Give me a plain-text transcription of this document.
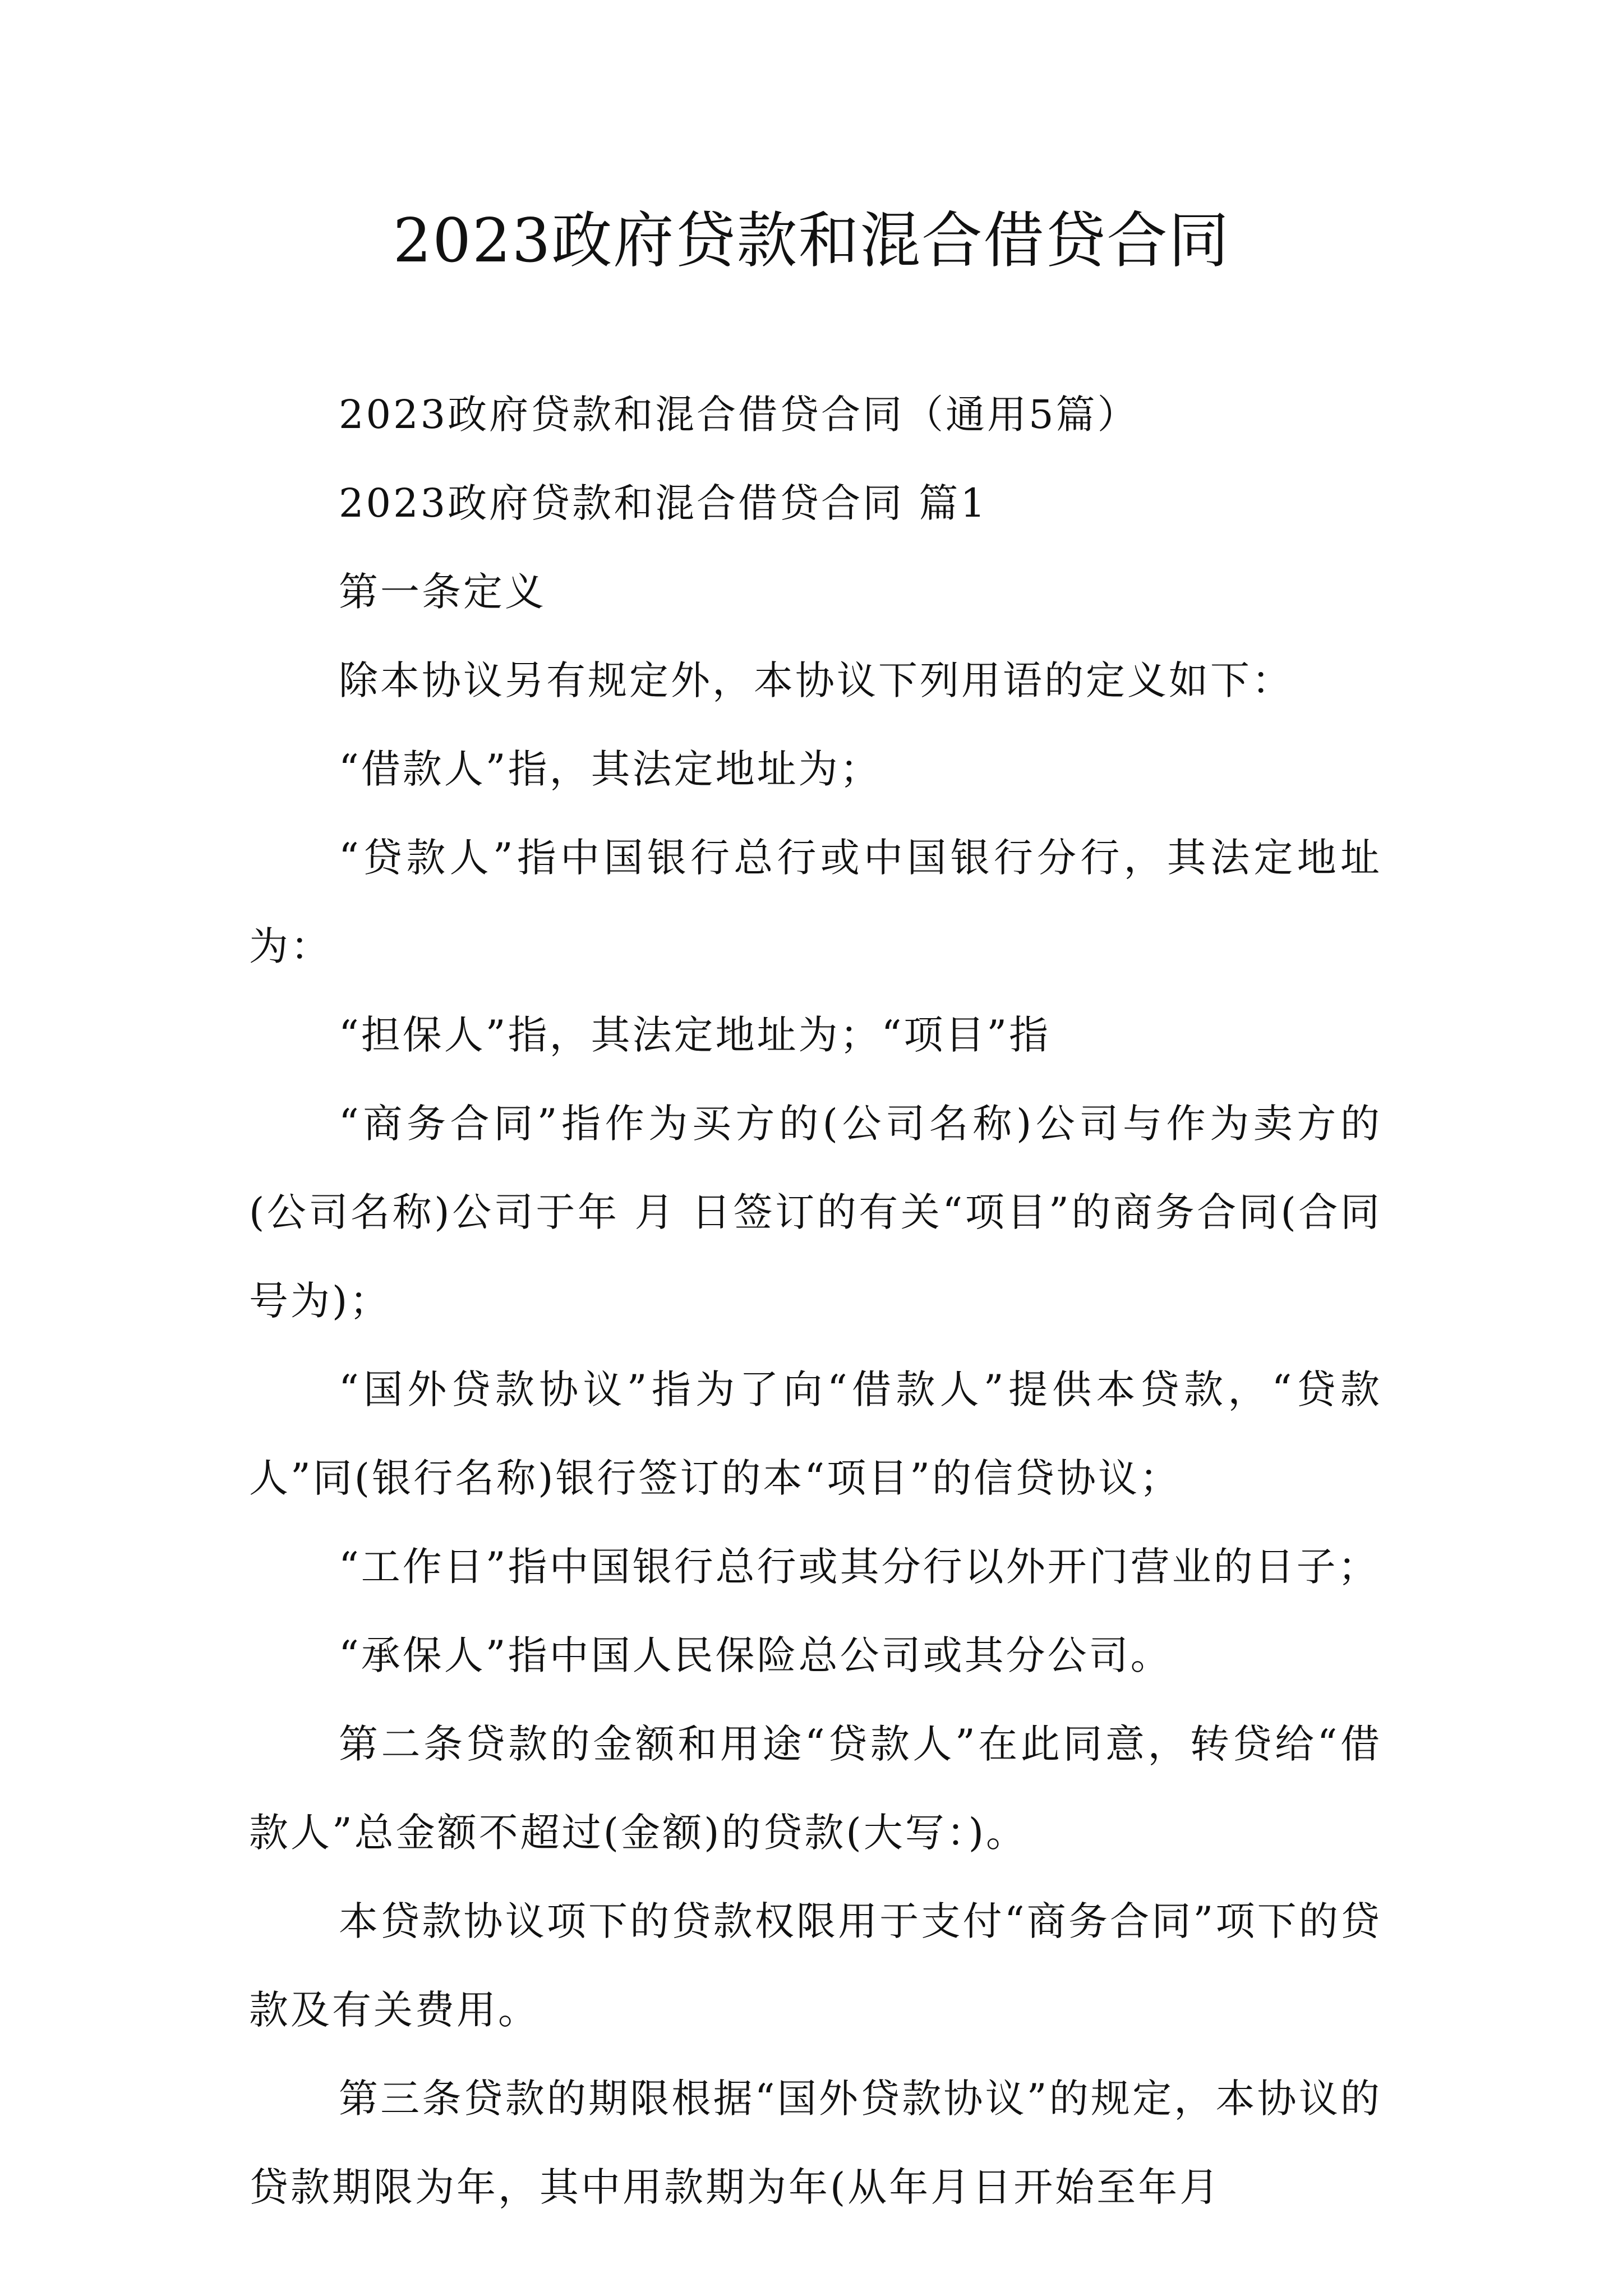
2023政府贷款和混合借贷合同

2023政府贷款和混合借贷合同（通用5篇）

2023政府贷款和混合借贷合同 篇1

第一条定义

除本协议另有规定外，本协议下列用语的定义如下：

“借款人”指，其法定地址为；

“贷款人”指中国银行总行或中国银行分行，其法定地址为：

“担保人”指，其法定地址为；“项目”指

“商务合同”指作为买方的(公司名称)公司与作为卖方的(公司名称)公司于年 月 日签订的有关“项目”的商务合同(合同号为)；

“国外贷款协议”指为了向“借款人”提供本贷款，“贷款人”同(银行名称)银行签订的本“项目”的信贷协议；

“工作日”指中国银行总行或其分行以外开门营业的日子；

“承保人”指中国人民保险总公司或其分公司。

第二条贷款的金额和用途“贷款人”在此同意，转贷给“借款人”总金额不超过(金额)的贷款(大写：)。

本贷款协议项下的贷款权限用于支付“商务合同”项下的贷款及有关费用。

第三条贷款的期限根据“国外贷款协议”的规定，本协议的贷款期限为年，其中用款期为年(从年月日开始至年月
